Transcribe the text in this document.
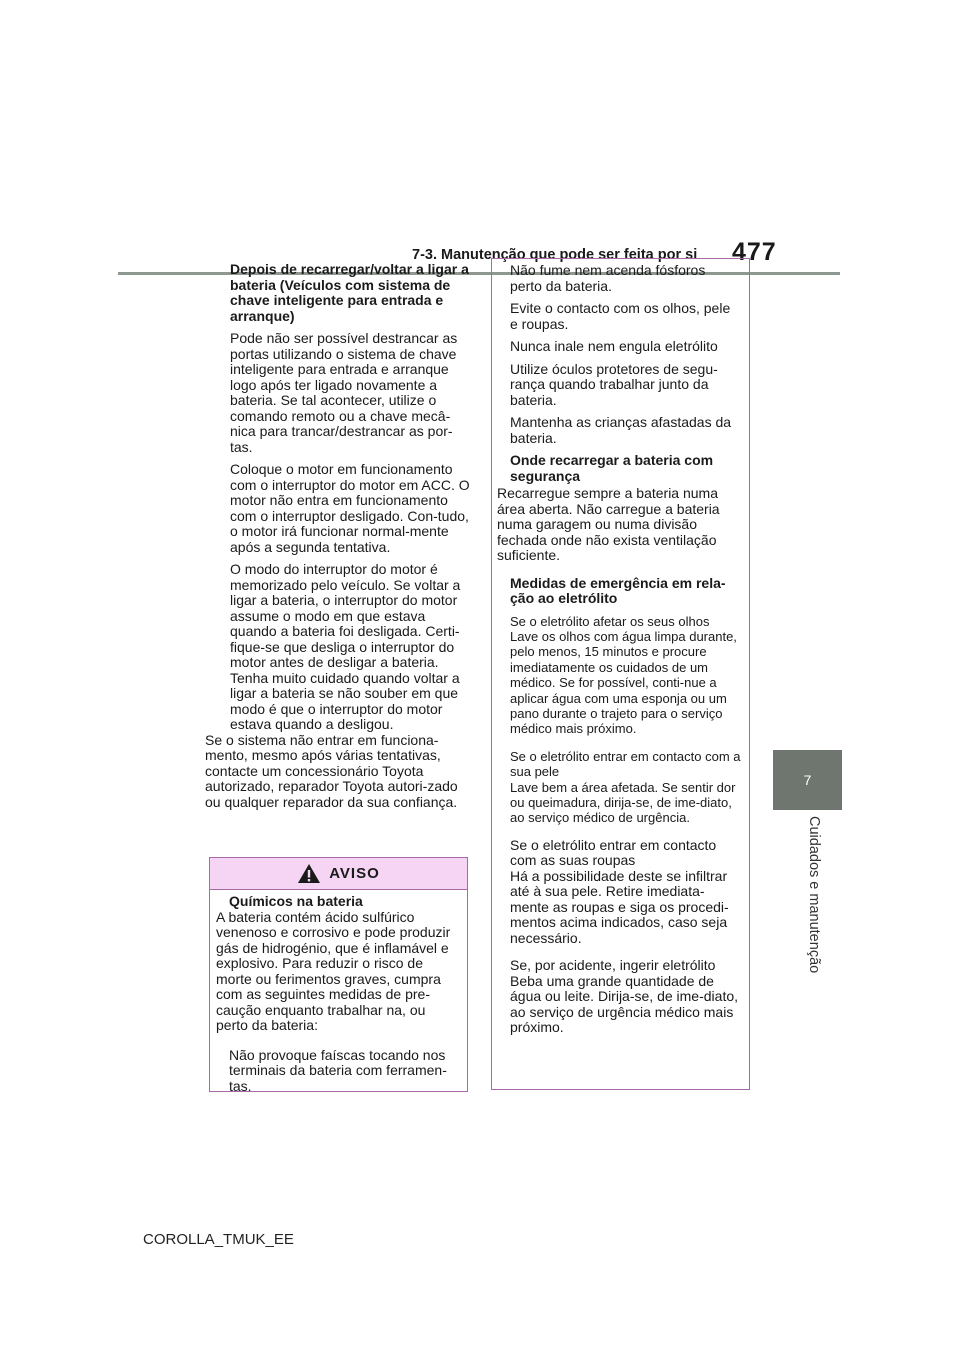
7-3. Manutenção que pode ser feita por si 477
7
Cuidados e manutenção

Depois de recarregar/voltar a ligar a bateria (Veículos com sistema de chave inteligente para entrada e arranque)

Pode não ser possível destrancar as portas utilizando o sistema de chave inteligente para entrada e arranque logo após ter ligado novamente a bateria. Se tal acontecer, utilize o comando remoto ou a chave mecâ-nica para trancar/destrancar as por-tas.

Coloque o motor em funcionamento com o interruptor do motor em ACC. O motor não entra em funcionamento com o interruptor desligado. Con-tudo, o motor irá funcionar normal-mente após a segunda tentativa.

O modo do interruptor do motor é memorizado pelo veículo. Se voltar a ligar a bateria, o interruptor do motor assume o modo em que estava quando a bateria foi desligada. Certi-fique-se que desliga o interruptor do motor antes de desligar a bateria. Tenha muito cuidado quando voltar a ligar a bateria se não souber em que modo é que o interruptor do motor estava quando a desligou.

Se o sistema não entrar em funciona-mento, mesmo após várias tentativas, contacte um concessionário Toyota autorizado, reparador Toyota autori-zado ou qualquer reparador da sua confiança.

AVISO

Químicos na bateria

A bateria contém ácido sulfúrico venenoso e corrosivo e pode produzir gás de hidrogénio, que é inflamável e explosivo. Para reduzir o risco de morte ou ferimentos graves, cumpra com as seguintes medidas de pre-caução enquanto trabalhar na, ou perto da bateria:

Não provoque faíscas tocando nos terminais da bateria com ferramen-tas.

Não fume nem acenda fósforos perto da bateria.

Evite o contacto com os olhos, pele e roupas.

Nunca inale nem engula eletrólito

Utilize óculos protetores de segu-rança quando trabalhar junto da bateria.

Mantenha as crianças afastadas da bateria.

Onde recarregar a bateria com segurança

Recarregue sempre a bateria numa área aberta. Não carregue a bateria numa garagem ou numa divisão fechada onde não exista ventilação suficiente.

Medidas de emergência em rela-ção ao eletrólito

Se o eletrólito afetar os seus olhos

Lave os olhos com água limpa durante, pelo menos, 15 minutos e procure imediatamente os cuidados de um médico. Se for possível, conti-nue a aplicar água com uma esponja ou um pano durante o trajeto para o serviço médico mais próximo.

Se o eletrólito entrar em contacto com a sua pele

Lave bem a área afetada. Se sentir dor ou queimadura, dirija-se, de ime-diato, ao serviço médico de urgência.

Se o eletrólito entrar em contacto com as suas roupas

Há a possibilidade deste se infiltrar até à sua pele. Retire imediata-mente as roupas e siga os procedi-mentos acima indicados, caso seja necessário.

Se, por acidente, ingerir eletrólito

Beba uma grande quantidade de água ou leite. Dirija-se, de ime-diato, ao serviço de urgência médico mais próximo.

COROLLA_TMUK_EE
